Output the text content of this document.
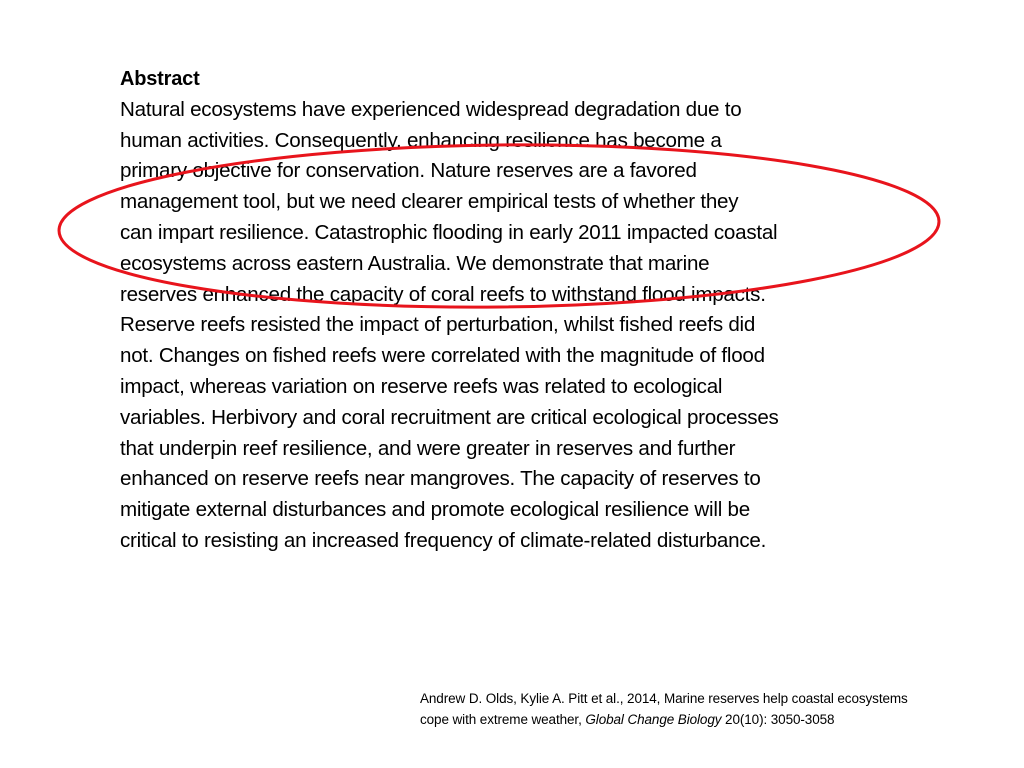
Abstract

Natural ecosystems have experienced widespread degradation due to
human activities. Consequently, enhancing resilience has become a
primary objective for conservation. Nature reserves are a favored
management tool, but we need clearer empirical tests of whether they
can impart resilience. Catastrophic flooding in early 2011 impacted coastal
ecosystems across eastern Australia. We demonstrate that marine
reserves enhanced the capacity of coral reefs to withstand flood impacts.
Reserve reefs resisted the impact of perturbation, whilst fished reefs did
not. Changes on fished reefs were correlated with the magnitude of flood
impact, whereas variation on reserve reefs was related to ecological
variables. Herbivory and coral recruitment are critical ecological processes
that underpin reef resilience, and were greater in reserves and further
enhanced on reserve reefs near mangroves. The capacity of reserves to
mitigate external disturbances and promote ecological resilience will be
critical to resisting an increased frequency of climate-related disturbance.

Andrew D. Olds, Kylie A. Pitt et al., 2014, Marine reserves help coastal ecosystems
cope with extreme weather, Global Change Biology 20(10): 3050-3058
